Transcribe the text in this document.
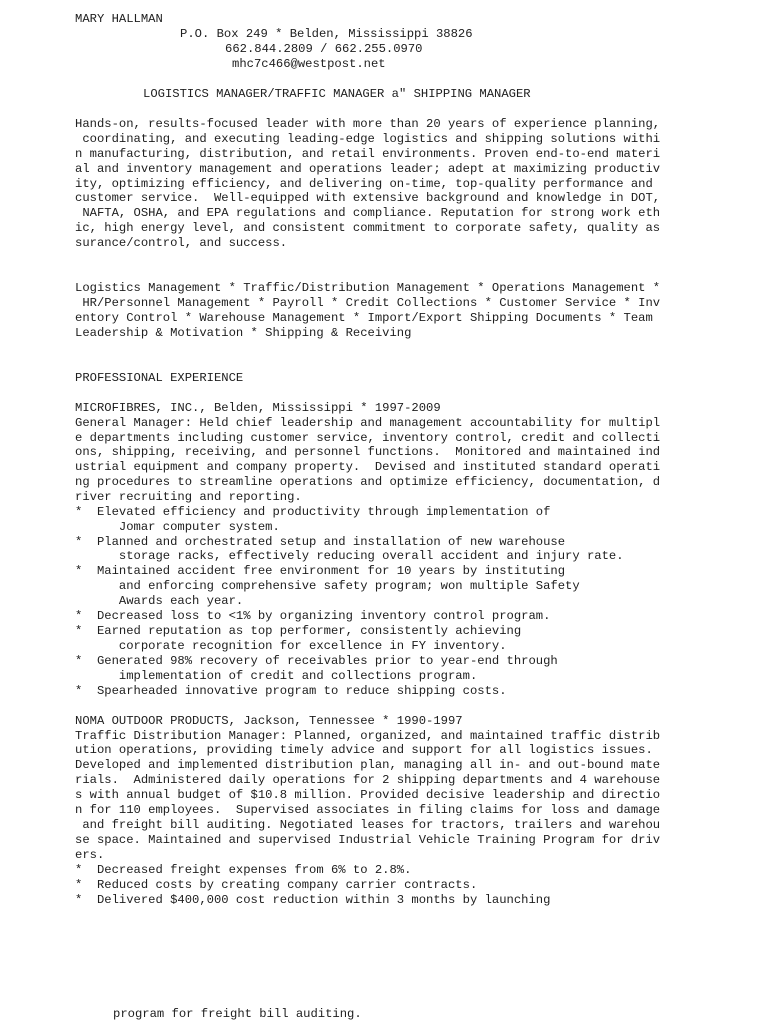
MARY HALLMAN

P.O. Box 249 * Belden, Mississippi 38826

662.844.2809 / 662.255.0970

mhc7c466@westpost.net

LOGISTICS MANAGER/TRAFFIC MANAGER a" SHIPPING MANAGER

Hands-on, results-focused leader with more than 20 years of experience planning,

coordinating, and executing leading-edge logistics and shipping solutions withi

n manufacturing, distribution, and retail environments. Proven end-to-end materi

al and inventory management and operations leader; adept at maximizing productiv

ity, optimizing efficiency, and delivering on-time, top-quality performance and

customer service.  Well-equipped with extensive background and knowledge in DOT,

NAFTA, OSHA, and EPA regulations and compliance. Reputation for strong work eth

ic, high energy level, and consistent commitment to corporate safety, quality as

surance/control, and success.

Logistics Management * Traffic/Distribution Management * Operations Management *

HR/Personnel Management * Payroll * Credit Collections * Customer Service * Inv

entory Control * Warehouse Management * Import/Export Shipping Documents * Team

Leadership & Motivation * Shipping & Receiving

PROFESSIONAL EXPERIENCE

MICROFIBRES, INC., Belden, Mississippi * 1997-2009

General Manager: Held chief leadership and management accountability for multipl

e departments including customer service, inventory control, credit and collecti

ons, shipping, receiving, and personnel functions.  Monitored and maintained ind

ustrial equipment and company property.  Devised and instituted standard operati

ng procedures to streamline operations and optimize efficiency, documentation, d

river recruiting and reporting.

*  Elevated efficiency and productivity through implementation of

Jomar computer system.

*  Planned and orchestrated setup and installation of new warehouse

storage racks, effectively reducing overall accident and injury rate.

*  Maintained accident free environment for 10 years by instituting

and enforcing comprehensive safety program; won multiple Safety

Awards each year.

*  Decreased loss to <1% by organizing inventory control program.

*  Earned reputation as top performer, consistently achieving

corporate recognition for excellence in FY inventory.

*  Generated 98% recovery of receivables prior to year-end through

implementation of credit and collections program.

*  Spearheaded innovative program to reduce shipping costs.

NOMA OUTDOOR PRODUCTS, Jackson, Tennessee * 1990-1997

Traffic Distribution Manager: Planned, organized, and maintained traffic distrib

ution operations, providing timely advice and support for all logistics issues.

Developed and implemented distribution plan, managing all in- and out-bound mate

rials.  Administered daily operations for 2 shipping departments and 4 warehouse

s with annual budget of $10.8 million. Provided decisive leadership and directio

n for 110 employees.  Supervised associates in filing claims for loss and damage

and freight bill auditing. Negotiated leases for tractors, trailers and warehou

se space. Maintained and supervised Industrial Vehicle Training Program for driv

ers.

*  Decreased freight expenses from 6% to 2.8%.

*  Reduced costs by creating company carrier contracts.

*  Delivered $400,000 cost reduction within 3 months by launching

program for freight bill auditing.
